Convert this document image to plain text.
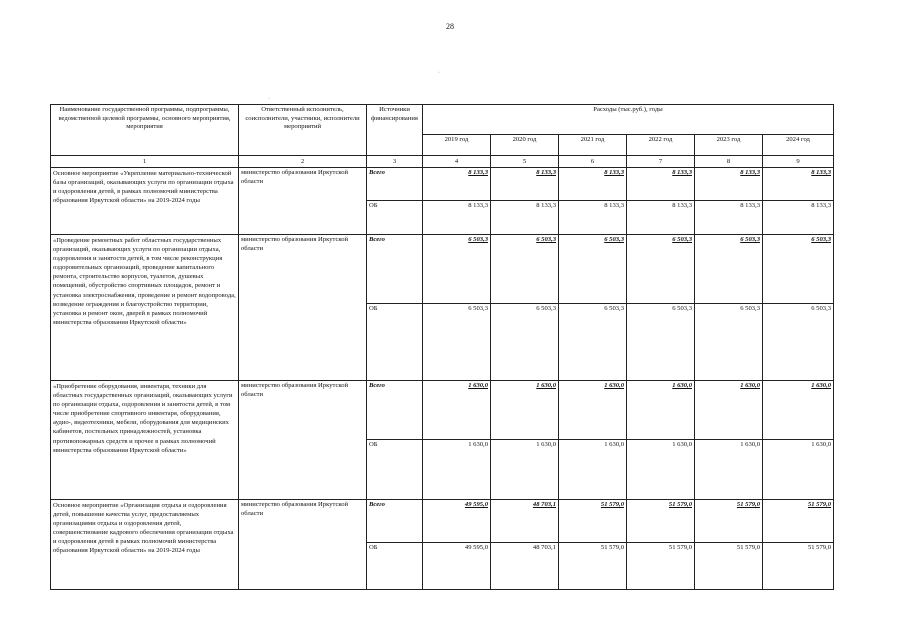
28
·
·
Наименование государственной программы, подпрограммы, ведомственной целевой программы, основного мероприятия, мероприятия	Ответственный исполнитель, соисполнители, участники, исполнители мероприятий	Источники финансирования	Расходы (тыс.руб.), годы					
			2019 год	2020 год	2021 год	2022 год	2023 год	2024 год
1	2	3	4	5	6	7	8	9
Основное мероприятие «Укрепление материально-технической базы организаций, оказывающих услуги по организации отдыха и оздоровления детей, в рамках полномочий министерства образования Иркутской области» на 2019-2024 годы	министерство образования Иркутской области	Всего	8 133,3	8 133,3	8 133,3	8 133,3	8 133,3	8 133,3
		ОБ	8 133,3	8 133,3	8 133,3	8 133,3	8 133,3	8 133,3
«Проведение ремонтных работ областных государственных организаций, оказывающих услуги по организации отдыха, оздоровления и занятости детей, в том числе реконструкция оздоровительных организаций, проведение капитального ремонта, строительство корпусов, туалетов, душевых помещений, обустройство спортивных площадок, ремонт и установка электроснабжения, проведение и ремонт водопровода, возведение ограждения и благоустройство территории, установка и ремонт окон, дверей в рамках полномочий министерства образования Иркутской области»	министерство образования Иркутской области	Всего	6 503,3	6 503,3	6 503,3	6 503,3	6 503,3	6 503,3
		ОБ	6 503,3	6 503,3	6 503,3	6 503,3	6 503,3	6 503,3
«Приобретение оборудования, инвентаря, техники для областных государственных организаций, оказывающих услуги по организации отдыха, оздоровления и занятости детей, в том числе приобретение спортивного инвентаря, оборудования, аудио-, видеотехники, мебели, оборудования для медицинских кабинетов, постельных принадлежностей, установка противопожарных средств и прочее в рамках полномочий министерства образования Иркутской области»	министерство образования Иркутской области	Всего	1 630,0	1 630,0	1 630,0	1 630,0	1 630,0	1 630,0
		ОБ	1 630,0	1 630,0	1 630,0	1 630,0	1 630,0	1 630,0
Основное мероприятие «Организация отдыха и оздоровления детей, повышение качества услуг, предоставляемых организациями отдыха и оздоровления детей, совершенствование кадрового обеспечения организации отдыха и оздоровления детей в рамках полномочий министерства образования Иркутской области» на 2019-2024 годы	министерство образования Иркутской области	Всего	49 595,0	48 703,1	51 579,0	51 579,0	51 579,0	51 579,0
		ОБ	49 595,0	48 703,1	51 579,0	51 579,0	51 579,0	51 579,0
